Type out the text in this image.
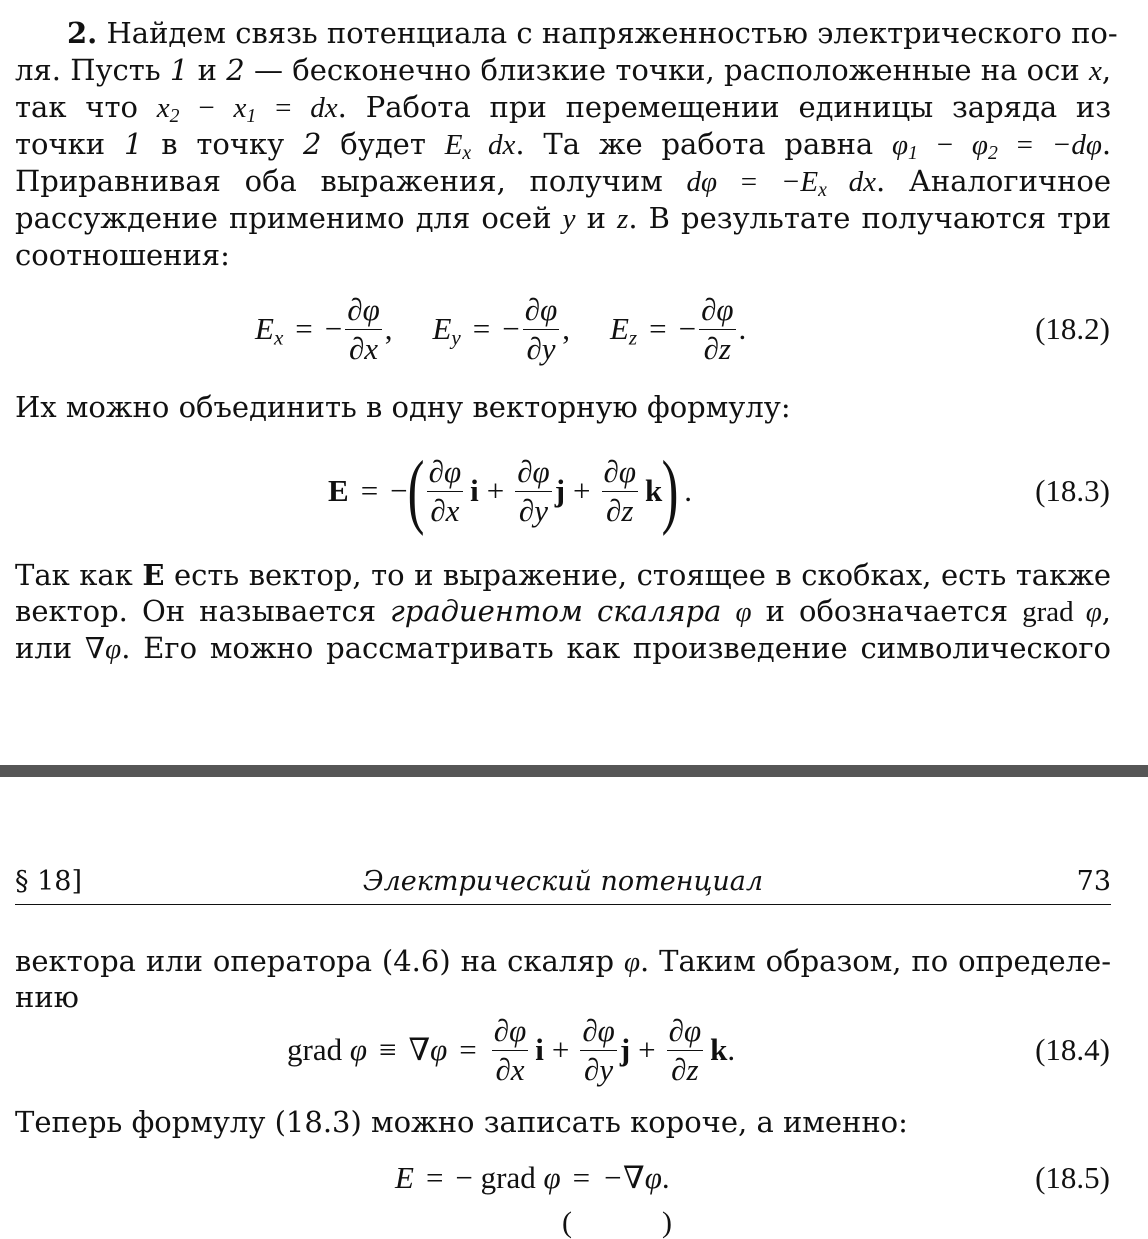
2. Найдем связь потенциала с напряженностью электрического по-
ля. Пусть 1 и 2 — бесконечно близкие точки, расположенные на оси x,
так что $x_2 - x_1$ = dx. Работа при перемещении единицы заряда из
точки 1 в точку 2 будет $E_x$ dx. Та же работа равна $\varphi_1 - \varphi_2 = -d\varphi$.
Приравнивая оба выражения, получим $d\varphi = -E_x$ dx. Аналогичное
рассуждение применимо для осей y и z. В результате получаются три
соотношения:
$E_x$ = − $\frac{\partial\varphi}{\partial x}$ , $E_y$ = − $\frac{\partial\varphi}{\partial y}$ , $E_z$ = − $\frac{\partial\varphi}{\partial z}$ .	(18.2)
Их можно объединить в одну векторную формулу:
E = − ( $\frac{\partial\varphi}{\partial x}$ $i + \frac{\partial\varphi}{\partial y}$ $j + \frac{\partial\varphi}{\partial z}$ k ) .	(18.3)
Так как E есть вектор, то и выражение, стоящее в скобках, есть также
вектор. Он называется градиентом скаляра φ и обозначается grad φ,
или ∇φ. Его можно рассматривать как произведение символического
§ 18]	Электрический потенциал	73
вектора или оператора (4.6) на скаляр φ. Таким образом, по определе-
нию
grad
$\varphi \equiv \nabla\varphi = \frac{\partial\varphi}{\partial x}$ $i + \frac{\partial\varphi}{\partial y}$ $j + \frac{\partial\varphi}{\partial z}$ k .	(18.4)
Теперь формулу (18.3) можно записать короче, а именно:
E = −
grad
φ = −∇φ .	(18.5)
(	)
